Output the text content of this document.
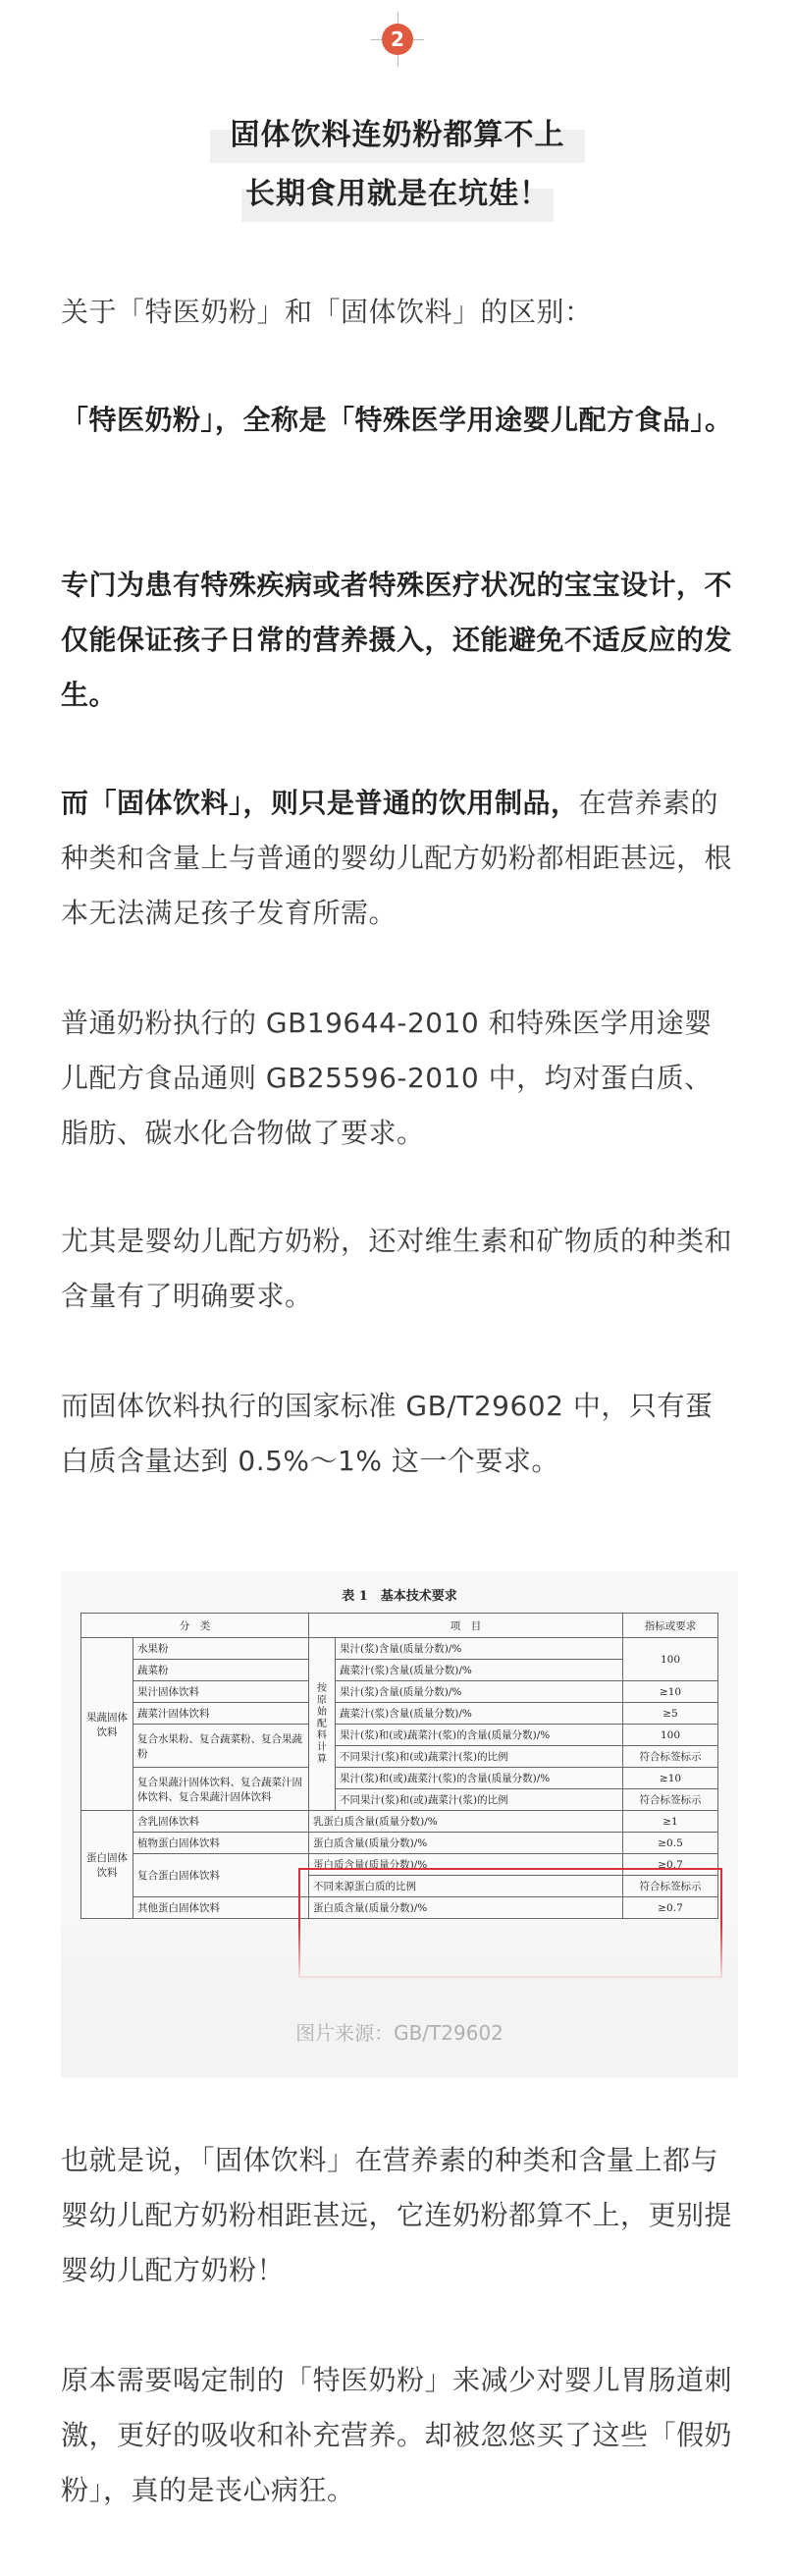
2
固体饮料连奶粉都算不上
长期食用就是在坑娃！

关于「特医奶粉」和「固体饮料」的区别：

「特医奶粉」，全称是「特殊医学用途婴儿配方食品」。

专门为患有特殊疾病或者特殊医疗状况的宝宝设计，不仅能保证孩子日常的营养摄入，还能避免不适反应的发生。

而「固体饮料」，则只是普通的饮用制品，在营养素的种类和含量上与普通的婴幼儿配方奶粉都相距甚远，根本无法满足孩子发育所需。

普通奶粉执行的 GB19644-2010 和特殊医学用途婴儿配方食品通则 GB25596-2010 中，均对蛋白质、脂肪、碳水化合物做了要求。

尤其是婴幼儿配方奶粉，还对维生素和矿物质的种类和含量有了明确要求。

而固体饮料执行的国家标准 GB/T29602 中，只有蛋白质含量达到 0.5%～1% 这一个要求。

表 1　基本技术要求
分　类		项　目		指标或要求
果蔬固体饮料	水果粉	按原始配料计算	果汁(浆)含量(质量分数)/%	100
	蔬菜粉		蔬菜汁(浆)含量(质量分数)/%	
	果汁固体饮料		果汁(浆)含量(质量分数)/%	≥10
	蔬菜汁固体饮料		蔬菜汁(浆)含量(质量分数)/%	≥5
	复合水果粉、复合蔬菜粉、复合果蔬粉		果汁(浆)和(或)蔬菜汁(浆)的含量(质量分数)/%	100
			不同果汁(浆)和(或)蔬菜汁(浆)的比例	符合标签标示
	复合果蔬汁固体饮料、复合蔬菜汁固体饮料、复合果蔬汁固体饮料		果汁(浆)和(或)蔬菜汁(浆)的含量(质量分数)/%	≥10
			不同果汁(浆)和(或)蔬菜汁(浆)的比例	符合标签标示
蛋白固体饮料	含乳固体饮料	乳蛋白质含量(质量分数)/%		≥1
	植物蛋白固体饮料	蛋白质含量(质量分数)/%		≥0.5
	复合蛋白固体饮料	蛋白质含量(质量分数)/%		≥0.7
		不同来源蛋白质的比例		符合标签标示
	其他蛋白固体饮料	蛋白质含量(质量分数)/%		≥0.7
图片来源：GB/T29602

也就是说，「固体饮料」在营养素的种类和含量上都与婴幼儿配方奶粉相距甚远，它连奶粉都算不上，更别提婴幼儿配方奶粉！

原本需要喝定制的「特医奶粉」来减少对婴儿胃肠道刺激，更好的吸收和补充营养。却被忽悠买了这些「假奶粉」，真的是丧心病狂。
